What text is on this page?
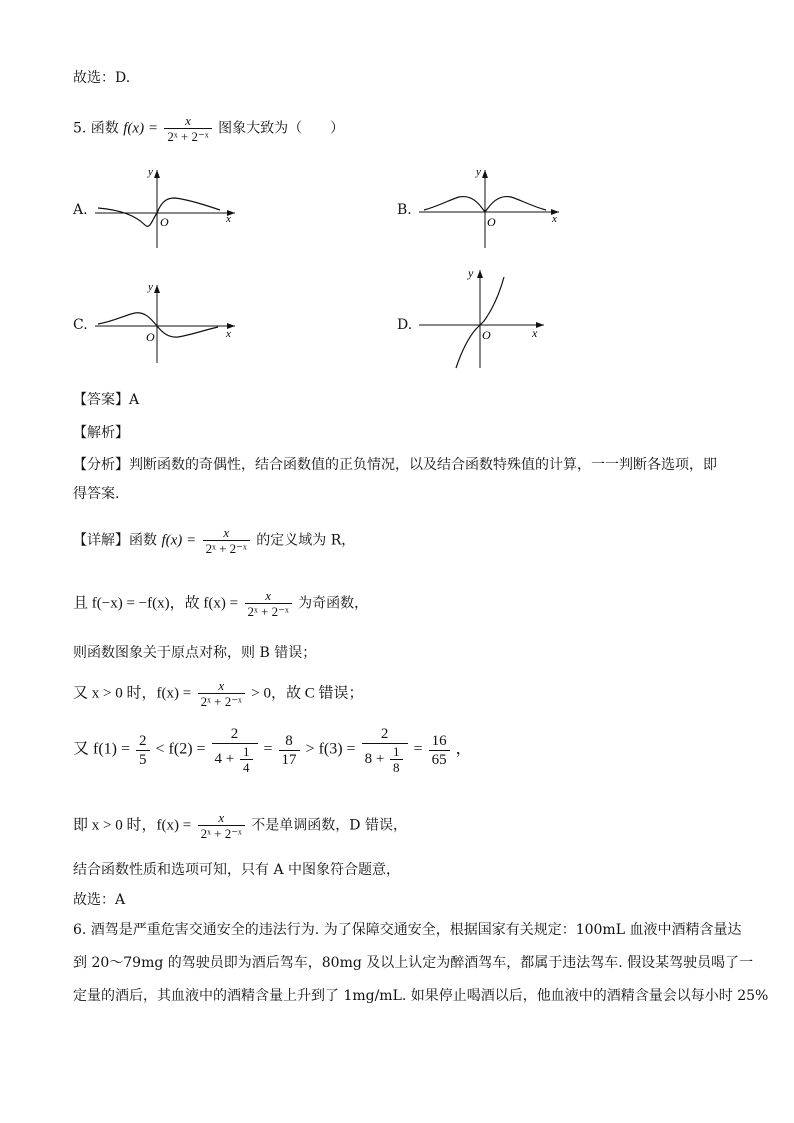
故选：D.
5. 函数 $f(x) = \frac{x}{\text{2ˣ + 2⁻ˣ}}$ 图象大致为（　　）
A.
x
y
O
B.
x
y
O
C.
x
y
O
D.	x
y
O
【答案】A
【解析】
【分析】判断函数的奇偶性，结合函数值的正负情况，以及结合函数特殊值的计算，一一判断各选项，即
得答案.
【详解】函数 $f(x) = \frac{x}{\text{2ˣ + 2⁻ˣ}}$ 的定义域为 R，
且 f(−x) = −f(x)，故 $f(x) = \frac{x}{\text{2ˣ + 2⁻ˣ}}$ 为奇函数，
则函数图象关于原点对称，则 B 错误；
又 x > 0 时，$f(x) = \frac{x}{\text{2ˣ + 2⁻ˣ}} > 0$，故 C 错误；
又 $f(1) = \frac{2}{5} < f(2) = \frac{2}{4 + \frac{1}{4}} = \frac{8}{17} > f(3) = \frac{2}{8 + \frac{1}{8}} = \frac{16}{65}$ ，
即 x > 0 时，$f(x) = \frac{x}{\text{2ˣ + 2⁻ˣ}}$ 不是单调函数，D 错误，
结合函数性质和选项可知，只有 A 中图象符合题意，
故选：A
6. 酒驾是严重危害交通安全的违法行为. 为了保障交通安全，根据国家有关规定：100mL 血液中酒精含量达
到 20～79mg 的驾驶员即为酒后驾车，80mg 及以上认定为醉酒驾车，都属于违法驾车. 假设某驾驶员喝了一
定量的酒后，其血液中的酒精含量上升到了 1mg/mL. 如果停止喝酒以后，他血液中的酒精含量会以每小时 25%
